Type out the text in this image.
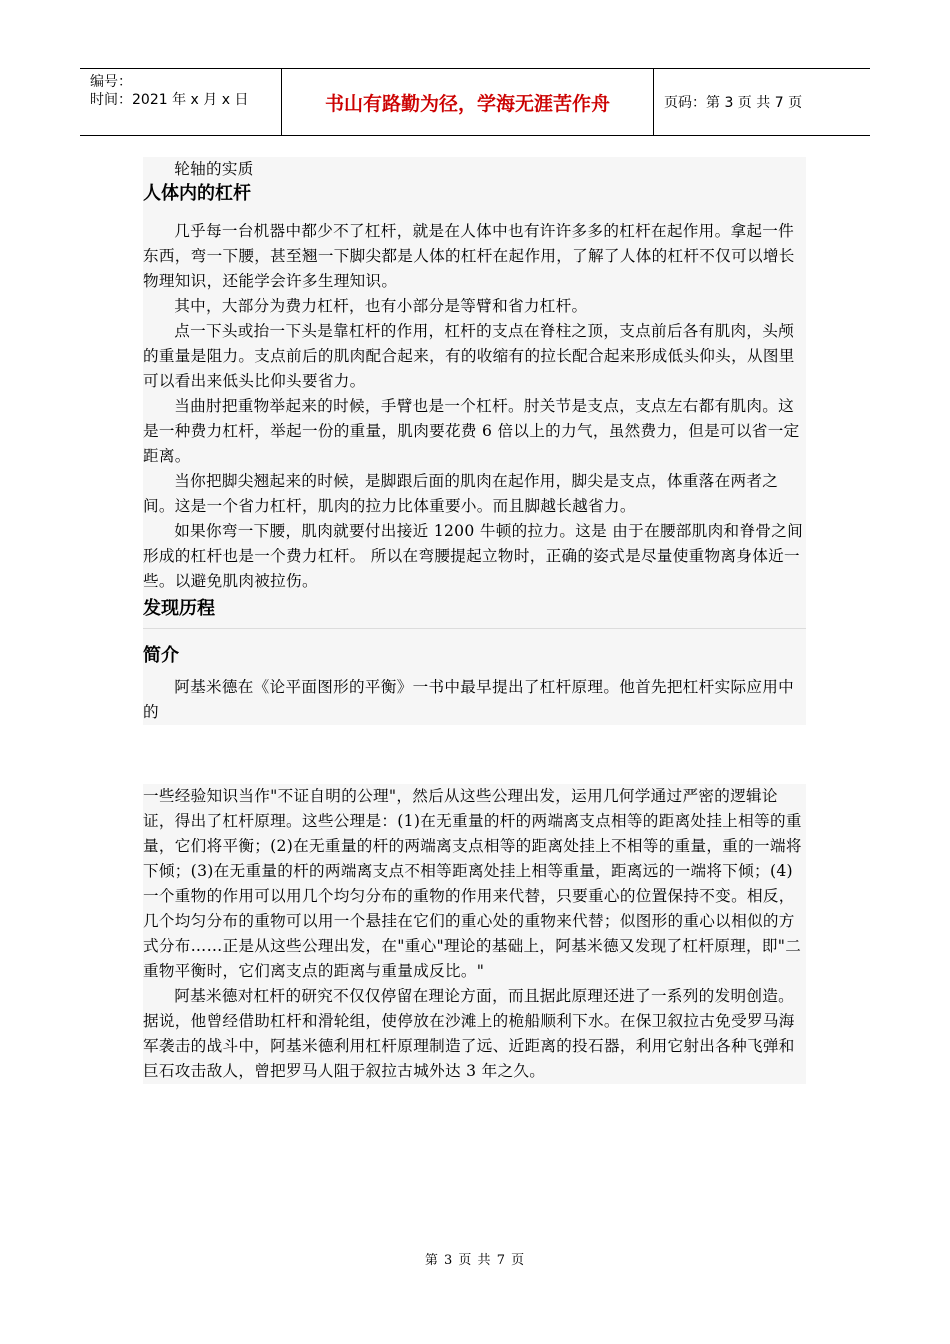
编号：
时间：2021 年 x 月 x 日	书山有路勤为径，学海无涯苦作舟	页码：第 3 页 共 7 页

轮轴的实质

人体内的杠杆

几乎每一台机器中都少不了杠杆，就是在人体中也有许许多多的杠杆在起作用。拿起一件东西，弯一下腰，甚至翘一下脚尖都是人体的杠杆在起作用，了解了人体的杠杆不仅可以增长物理知识，还能学会许多生理知识。

其中，大部分为费力杠杆，也有小部分是等臂和省力杠杆。

点一下头或抬一下头是靠杠杆的作用，杠杆的支点在脊柱之顶，支点前后各有肌肉，头颅的重量是阻力。支点前后的肌肉配合起来，有的收缩有的拉长配合起来形成低头仰头，从图里可以看出来低头比仰头要省力。

当曲肘把重物举起来的时候，手臂也是一个杠杆。肘关节是支点，支点左右都有肌肉。这是一种费力杠杆，举起一份的重量，肌肉要花费 6 倍以上的力气，虽然费力，但是可以省一定距离。

当你把脚尖翘起来的时候，是脚跟后面的肌肉在起作用，脚尖是支点，体重落在两者之间。这是一个省力杠杆，肌肉的拉力比体重要小。而且脚越长越省力。

如果你弯一下腰，肌肉就要付出接近 1200 牛顿的拉力。这是 由于在腰部肌肉和脊骨之间形成的杠杆也是一个费力杠杆。 所以在弯腰提起立物时，正确的姿式是尽量使重物离身体近一 些。以避免肌肉被拉伤。

发现历程
简介

阿基米德在《论平面图形的平衡》一书中最早提出了杠杆原理。他首先把杠杆实际应用中的

一些经验知识当作"不证自明的公理"，然后从这些公理出发，运用几何学通过严密的逻辑论证，得出了杠杆原理。这些公理是：(1)在无重量的杆的两端离支点相等的距离处挂上相等的重量，它们将平衡；(2)在无重量的杆的两端离支点相等的距离处挂上不相等的重量，重的一端将下倾；(3)在无重量的杆的两端离支点不相等距离处挂上相等重量，距离远的一端将下倾；(4)一个重物的作用可以用几个均匀分布的重物的作用来代替，只要重心的位置保持不变。相反，几个均匀分布的重物可以用一个悬挂在它们的重心处的重物来代替；似图形的重心以相似的方式分布……正是从这些公理出发，在"重心"理论的基础上，阿基米德又发现了杠杆原理，即"二重物平衡时，它们离支点的距离与重量成反比。"

阿基米德对杠杆的研究不仅仅停留在理论方面，而且据此原理还进了一系列的发明创造。据说，他曾经借助杠杆和滑轮组，使停放在沙滩上的桅船顺利下水。在保卫叙拉古免受罗马海军袭击的战斗中，阿基米德利用杠杆原理制造了远、近距离的投石器，利用它射出各种飞弹和巨石攻击敌人，曾把罗马人阻于叙拉古城外达 3 年之久。

第 3 页 共 7 页
